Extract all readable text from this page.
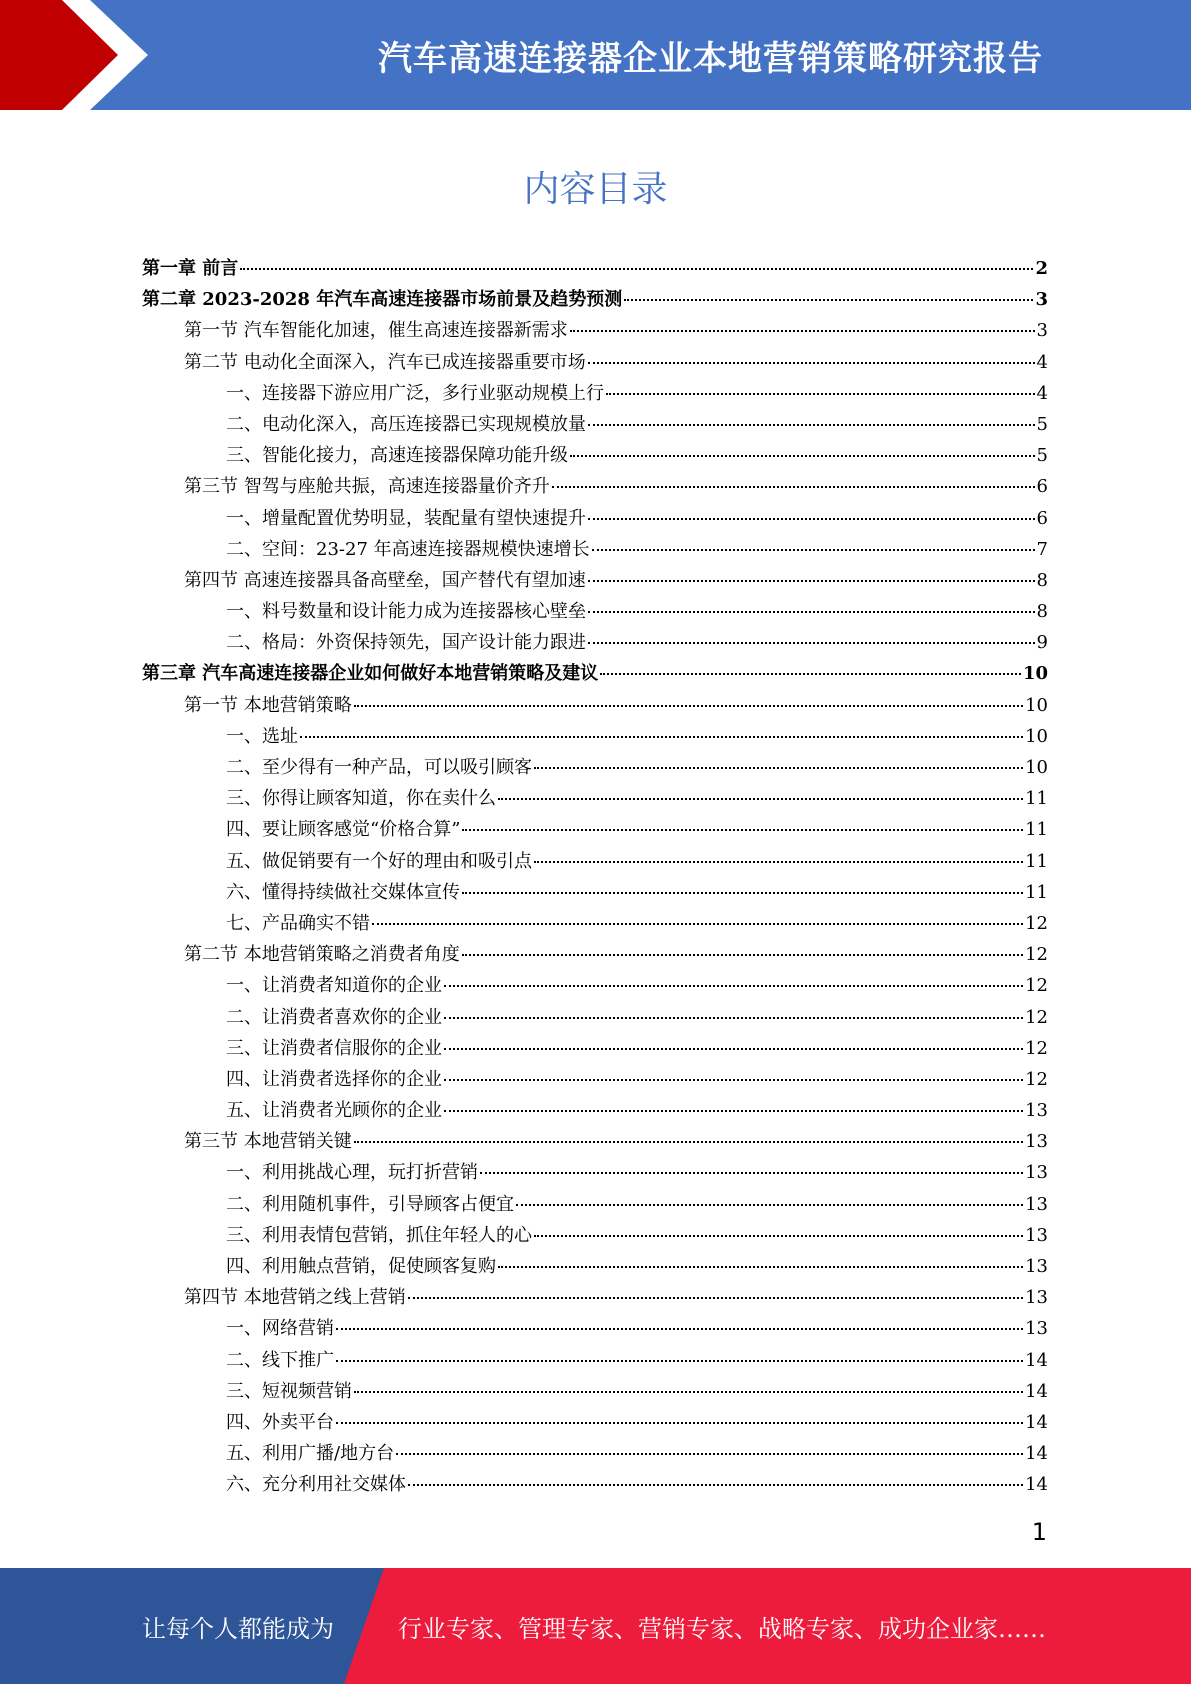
汽车高速连接器企业本地营销策略研究报告
内容目录
第一章 前言	2
第二章 2023-2028 年汽车高速连接器市场前景及趋势预测	3
第一节 汽车智能化加速，催生高速连接器新需求	3
第二节 电动化全面深入，汽车已成连接器重要市场	4
一、连接器下游应用广泛，多行业驱动规模上行	4
二、电动化深入，高压连接器已实现规模放量	5
三、智能化接力，高速连接器保障功能升级	5
第三节 智驾与座舱共振，高速连接器量价齐升	6
一、增量配置优势明显，装配量有望快速提升	6
二、空间：23-27 年高速连接器规模快速增长	7
第四节 高速连接器具备高壁垒，国产替代有望加速	8
一、料号数量和设计能力成为连接器核心壁垒	8
二、格局：外资保持领先，国产设计能力跟进	9
第三章 汽车高速连接器企业如何做好本地营销策略及建议	10
第一节 本地营销策略	10
一、选址	10
二、至少得有一种产品，可以吸引顾客	10
三、你得让顾客知道，你在卖什么	11
四、要让顾客感觉“价格合算”	11
五、做促销要有一个好的理由和吸引点	11
六、懂得持续做社交媒体宣传	11
七、产品确实不错	12
第二节 本地营销策略之消费者角度	12
一、让消费者知道你的企业	12
二、让消费者喜欢你的企业	12
三、让消费者信服你的企业	12
四、让消费者选择你的企业	12
五、让消费者光顾你的企业	13
第三节 本地营销关键	13
一、利用挑战心理，玩打折营销	13
二、利用随机事件，引导顾客占便宜	13
三、利用表情包营销，抓住年轻人的心	13
四、利用触点营销，促使顾客复购	13
第四节 本地营销之线上营销	13
一、网络营销	13
二、线下推广	14
三、短视频营销	14
四、外卖平台	14
五、利用广播/地方台	14
六、充分利用社交媒体	14
1
让每个人都能成为	行业专家、管理专家、营销专家、战略专家、成功企业家……
